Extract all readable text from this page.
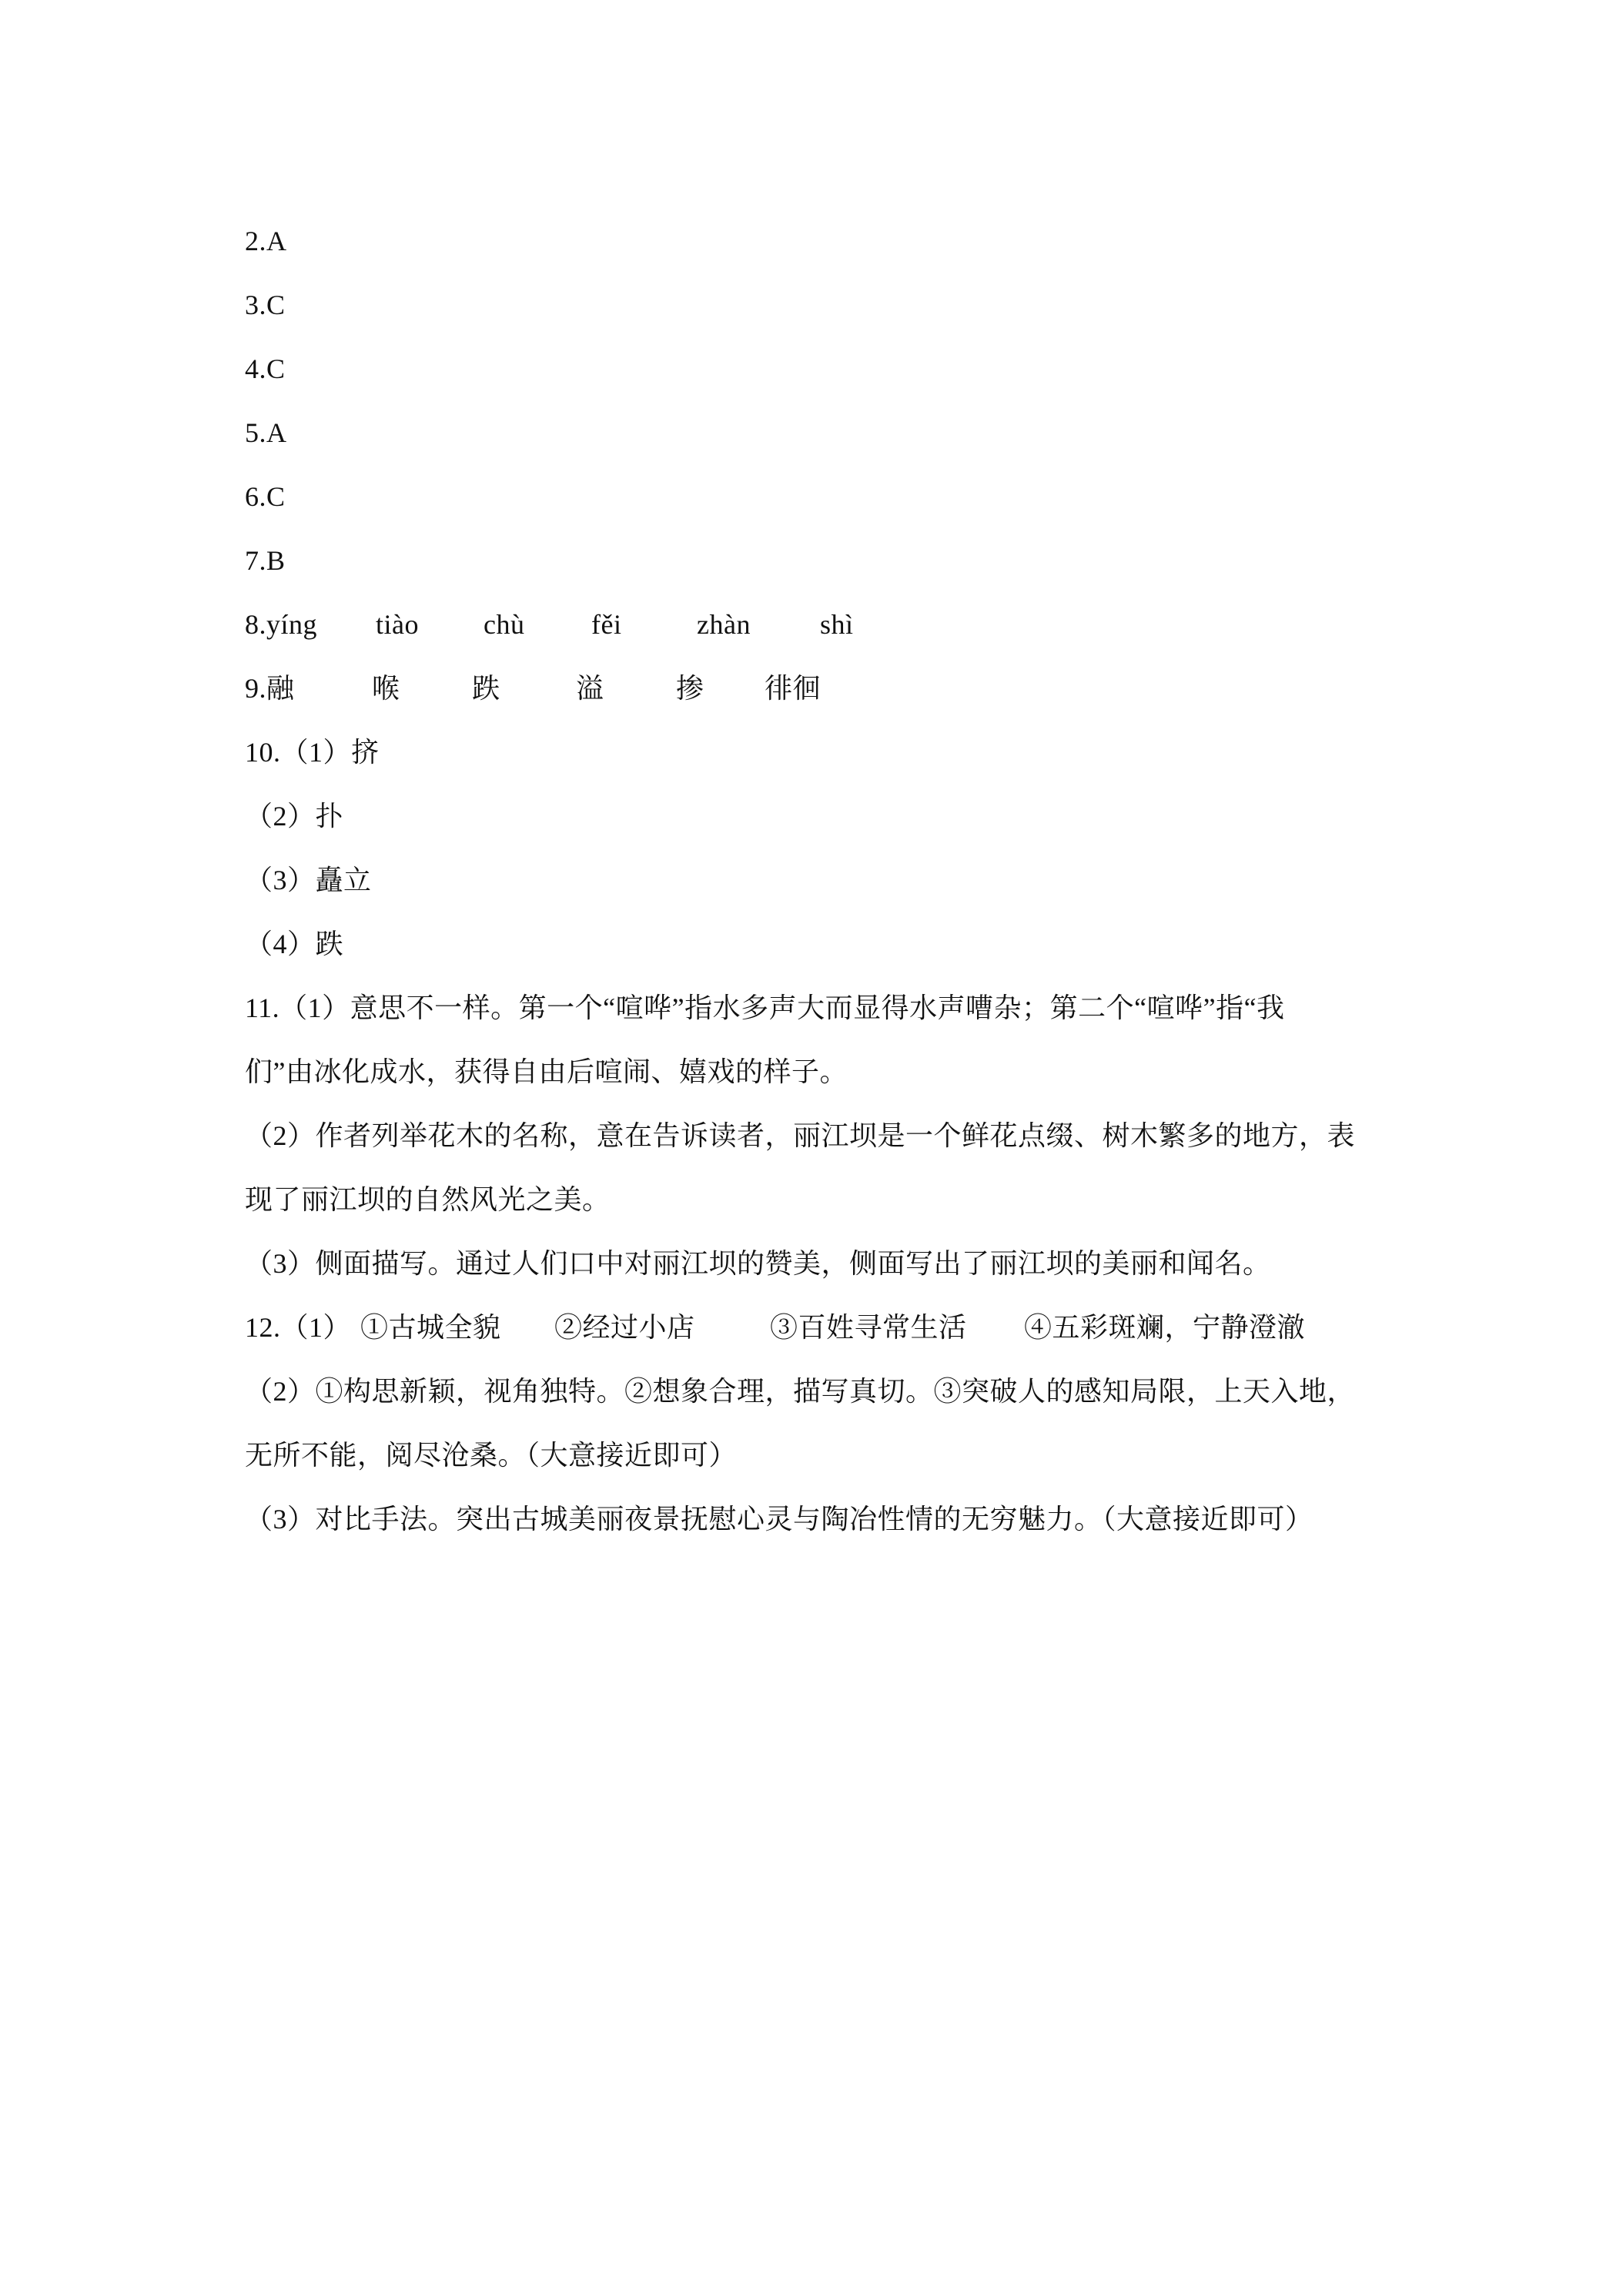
2.A
3.C
4.C
5.A
6.C
7.B
8.yíng tiào chù fěi	zhàn	shì
9.融	喉	跌	溢	掺 徘徊
10.（1）挤
（2）扑
（3）矗立
（4）跌
11.（1）意思不一样。第一个“喧哗”指水多声大而显得水声嘈杂；第二个“喧哗”指“我
们”由冰化成水，获得自由后喧闹、嬉戏的样子。
（2）作者列举花木的名称，意在告诉读者，丽江坝是一个鲜花点缀、树木繁多的地方，表
现了丽江坝的自然风光之美。
（3）侧面描写。通过人们口中对丽江坝的赞美，侧面写出了丽江坝的美丽和闻名。
12.（1） ①古城全貌 ②经过小店	③百姓寻常生活 ④五彩斑斓，宁静澄澈
（2）①构思新颖，视角独特。②想象合理，描写真切。③突破人的感知局限，上天入地，
无所不能，阅尽沧桑。（大意接近即可）
（3）对比手法。突出古城美丽夜景抚慰心灵与陶冶性情的无穷魅力。（大意接近即可）
